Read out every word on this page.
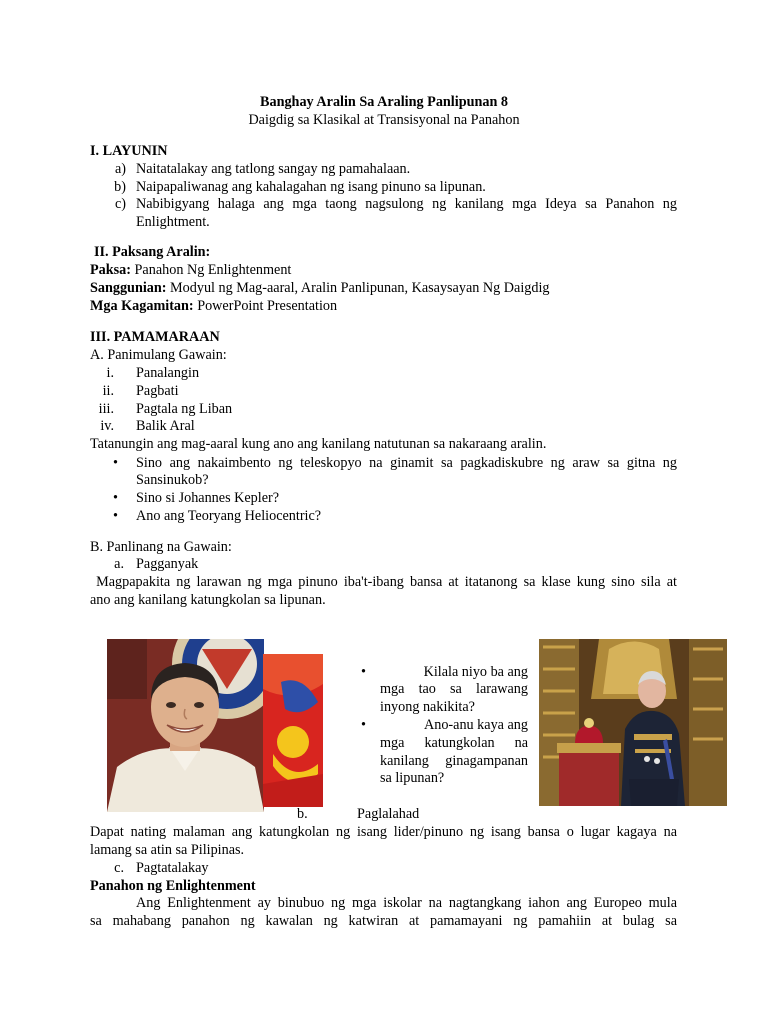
Banghay Aralin Sa Araling Panlipunan 8
Daigdig sa Klasikal at Transisyonal na Panahon
I. LAYUNIN
a) Naitatalakay ang tatlong sangay ng pamahalaan.
b) Naipapaliwanag ang kahalagahan ng isang pinuno sa lipunan.
c) Nabibigyang halaga ang mga taong nagsulong ng kanilang mga Ideya sa Panahon ng
Enlightment.
II. Paksang Aralin:
Paksa: Panahon Ng Enlightenment
Sanggunian: Modyul ng Mag-aaral, Aralin Panlipunan, Kasaysayan Ng Daigdig
Mga Kagamitan: PowerPoint Presentation
III. PAMAMARAAN
A. Panimulang Gawain:
i. Panalangin
ii. Pagbati
iii. Pagtala ng Liban
iv. Balik Aral
Tatanungin ang mag-aaral kung ano ang kanilang natutunan sa nakaraang aralin.
• Sino ang nakaimbento ng teleskopyo na ginamit sa pagkadiskubre ng araw sa gitna ng
Sansinukob?
• Sino si Johannes Kepler?
• Ano ang Teoryang Heliocentric?
B. Panlinang na Gawain:
a. Pagganyak
Magpapakita ng larawan ng mga pinuno iba't-ibang bansa at itatanong sa klase kung sino sila at
ano ang kanilang katungkolan sa lipunan.
•	Kilala niyo ba ang
mga tao sa larawang
inyong nakikita?
•	Ano-anu kaya ang
mga katungkolan na
kanilang ginagampanan
sa lipunan?
b.	Paglalahad
Dapat nating malaman ang katungkolan ng isang lider/pinuno ng isang bansa o lugar kagaya na
lamang sa atin sa Pilipinas.
c. Pagtatalakay
Panahon ng Enlightenment
Ang Enlightenment ay binubuo ng mga iskolar na nagtangkang iahon ang Europeo mula
sa mahabang panahon ng kawalan ng katwiran at pamamayani ng pamahiin at bulag sa
